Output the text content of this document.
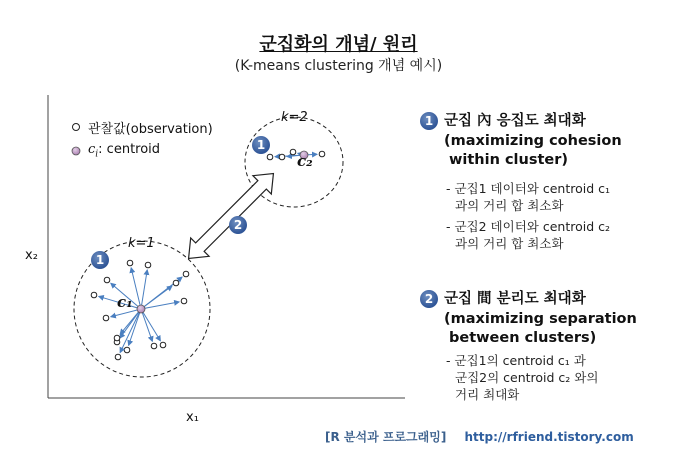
군집화의 개념/ 원리
(K-means clustering 개념 예시)
관찰값(observation)
$c_i$: centroid
x₂
x₁
k=1
k=2
c₁
c₂
1
1
2
1 군집 內 응집도 최대화
(maximizing cohesion
within cluster)
- 군집1 데이터와 centroid c₁
과의 거리 합 최소화
- 군집2 데이터와 centroid c₂
과의 거리 합 최소화
2 군집 間 분리도 최대화
(maximizing separation
between clusters)
- 군집1의 centroid c₁ 과
군집2의 centroid c₂ 와의
거리 최대화
[R 분석과 프로그래밍] http://rfriend.tistory.com
